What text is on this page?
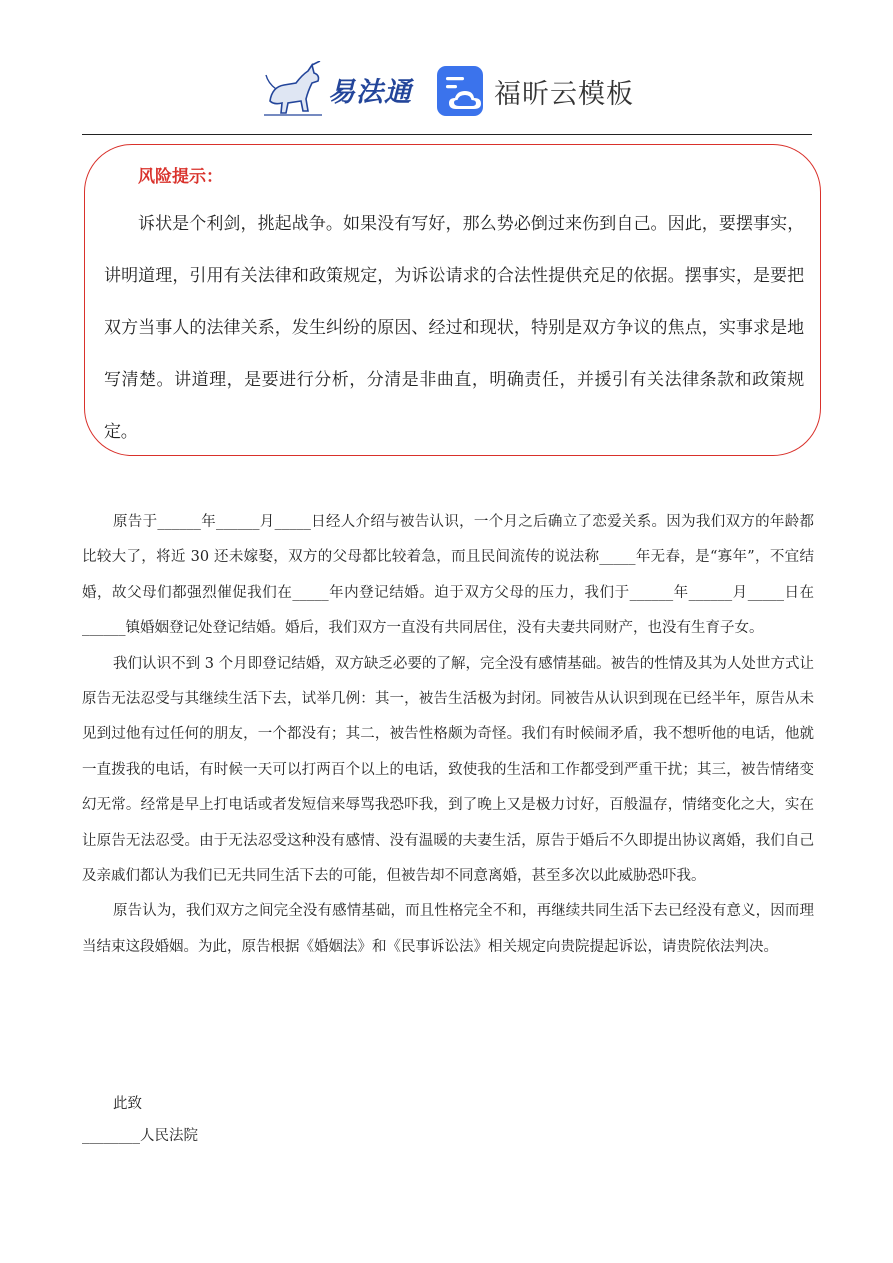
易法通	福昕云模板
风险提示：
诉状是个利剑，挑起战争。如果没有写好，那么势必倒过来伤到自己。因此，要摆事实，讲明道理，引用有关法律和政策规定，为诉讼请求的合法性提供充足的依据。摆事实，是要把双方当事人的法律关系，发生纠纷的原因、经过和现状，特别是双方争议的焦点，实事求是地写清楚。讲道理，是要进行分析，分清是非曲直，明确责任，并援引有关法律条款和政策规定。

原告于______年______月_____日经人介绍与被告认识，一个月之后确立了恋爱关系。因为我们双方的年龄都比较大了，将近 30 还未嫁娶，双方的父母都比较着急，而且民间流传的说法称_____年无春，是“寡年”，不宜结婚，故父母们都强烈催促我们在_____年内登记结婚。迫于双方父母的压力，我们于______年______月_____日在______镇婚姻登记处登记结婚。婚后，我们双方一直没有共同居住，没有夫妻共同财产，也没有生育子女。

我们认识不到 3 个月即登记结婚，双方缺乏必要的了解，完全没有感情基础。被告的性情及其为人处世方式让原告无法忍受与其继续生活下去，试举几例：其一，被告生活极为封闭。同被告从认识到现在已经半年，原告从未见到过他有过任何的朋友，一个都没有；其二，被告性格颇为奇怪。我们有时候闹矛盾，我不想听他的电话，他就一直拨我的电话，有时候一天可以打两百个以上的电话，致使我的生活和工作都受到严重干扰；其三，被告情绪变幻无常。经常是早上打电话或者发短信来辱骂我恐吓我，到了晚上又是极力讨好，百般温存，情绪变化之大，实在让原告无法忍受。由于无法忍受这种没有感情、没有温暖的夫妻生活，原告于婚后不久即提出协议离婚，我们自己及亲戚们都认为我们已无共同生活下去的可能，但被告却不同意离婚，甚至多次以此威胁恐吓我。

原告认为，我们双方之间完全没有感情基础，而且性格完全不和，再继续共同生活下去已经没有意义，因而理当结束这段婚姻。为此，原告根据《婚姻法》和《民事诉讼法》相关规定向贵院提起诉讼，请贵院依法判决。

此致
________人民法院
